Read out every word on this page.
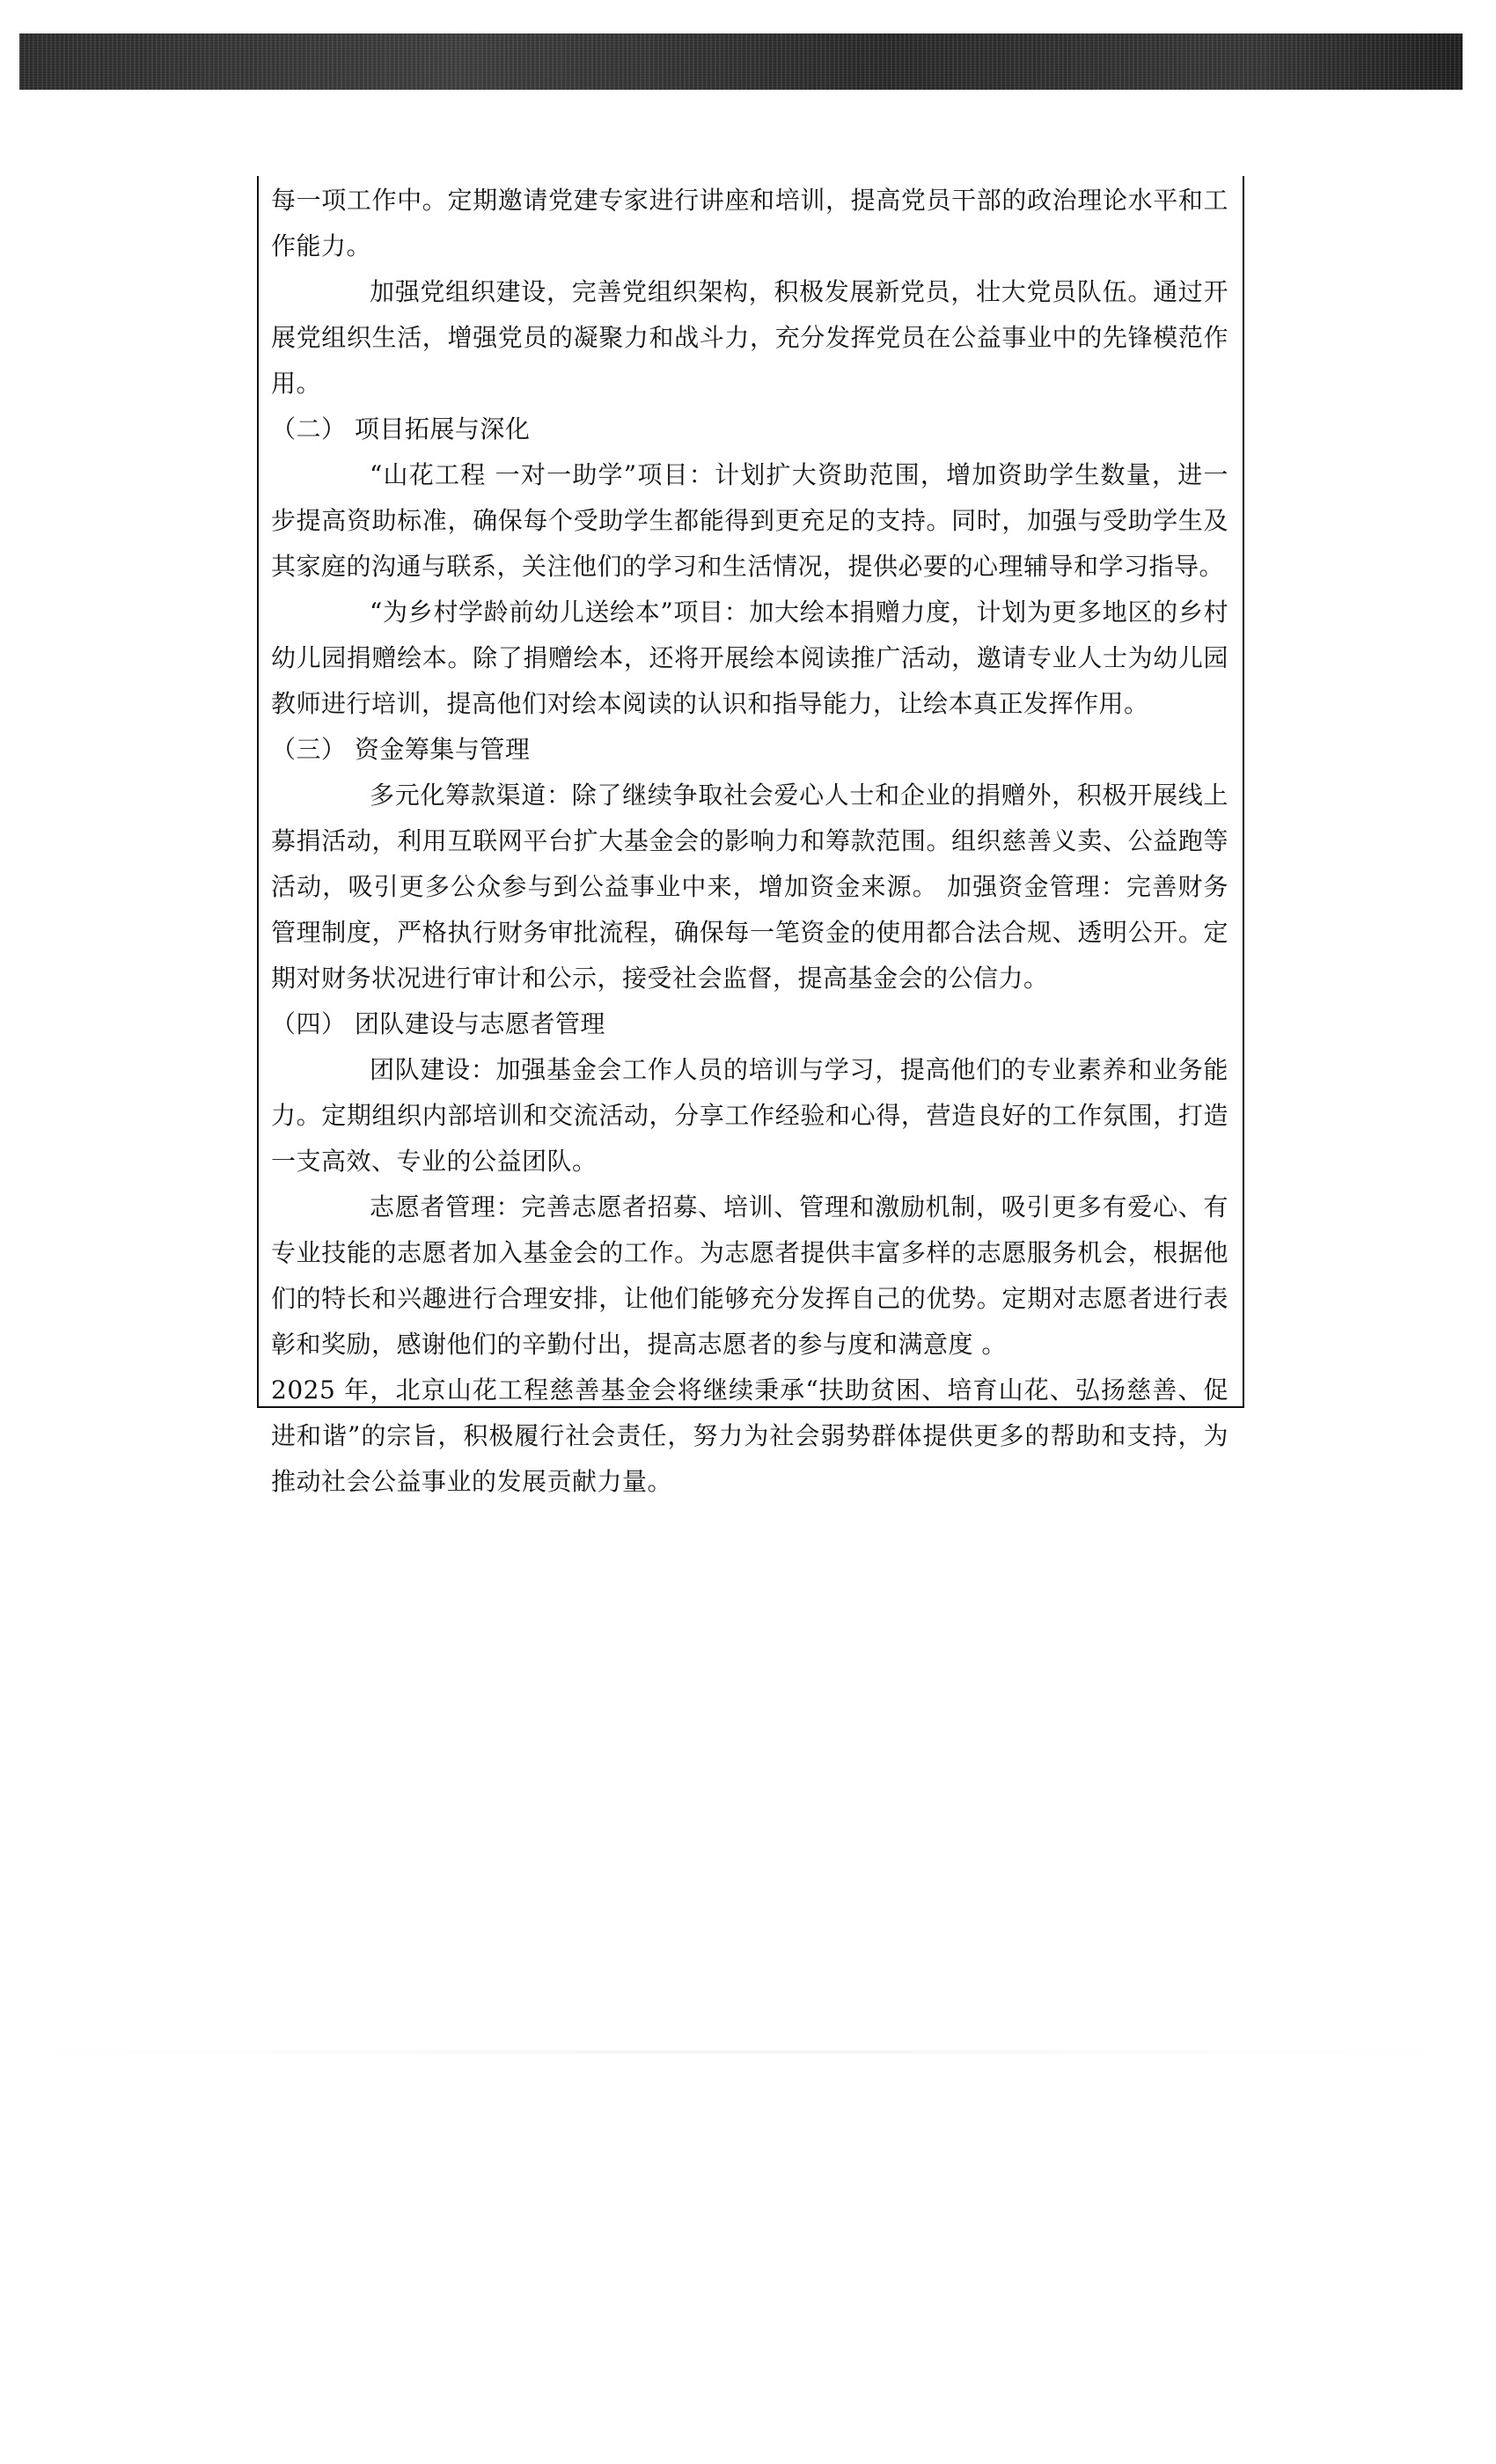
每一项工作中。定期邀请党建专家进行讲座和培训，提高党员干部的政治理论水平和工作能力。

加强党组织建设，完善党组织架构，积极发展新党员，壮大党员队伍。通过开展党组织生活，增强党员的凝聚力和战斗力，充分发挥党员在公益事业中的先锋模范作用。

（二） 项目拓展与深化

“山花工程 一对一助学”项目：计划扩大资助范围，增加资助学生数量，进一步提高资助标准，确保每个受助学生都能得到更充足的支持。同时，加强与受助学生及其家庭的沟通与联系，关注他们的学习和生活情况，提供必要的心理辅导和学习指导。

“为乡村学龄前幼儿送绘本”项目：加大绘本捐赠力度，计划为更多地区的乡村幼儿园捐赠绘本。除了捐赠绘本，还将开展绘本阅读推广活动，邀请专业人士为幼儿园教师进行培训，提高他们对绘本阅读的认识和指导能力，让绘本真正发挥作用。

（三） 资金筹集与管理

多元化筹款渠道：除了继续争取社会爱心人士和企业的捐赠外，积极开展线上募捐活动，利用互联网平台扩大基金会的影响力和筹款范围。组织慈善义卖、公益跑等活动，吸引更多公众参与到公益事业中来，增加资金来源。 加强资金管理：完善财务管理制度，严格执行财务审批流程，确保每一笔资金的使用都合法合规、透明公开。定期对财务状况进行审计和公示，接受社会监督，提高基金会的公信力。

（四） 团队建设与志愿者管理

团队建设：加强基金会工作人员的培训与学习，提高他们的专业素养和业务能力。定期组织内部培训和交流活动，分享工作经验和心得，营造良好的工作氛围，打造一支高效、专业的公益团队。

志愿者管理：完善志愿者招募、培训、管理和激励机制，吸引更多有爱心、有专业技能的志愿者加入基金会的工作。为志愿者提供丰富多样的志愿服务机会，根据他们的特长和兴趣进行合理安排，让他们能够充分发挥自己的优势。定期对志愿者进行表彰和奖励，感谢他们的辛勤付出，提高志愿者的参与度和满意度 。

2025 年，北京山花工程慈善基金会将继续秉承“扶助贫困、培育山花、弘扬慈善、促进和谐”的宗旨，积极履行社会责任，努力为社会弱势群体提供更多的帮助和支持，为推动社会公益事业的发展贡献力量。
